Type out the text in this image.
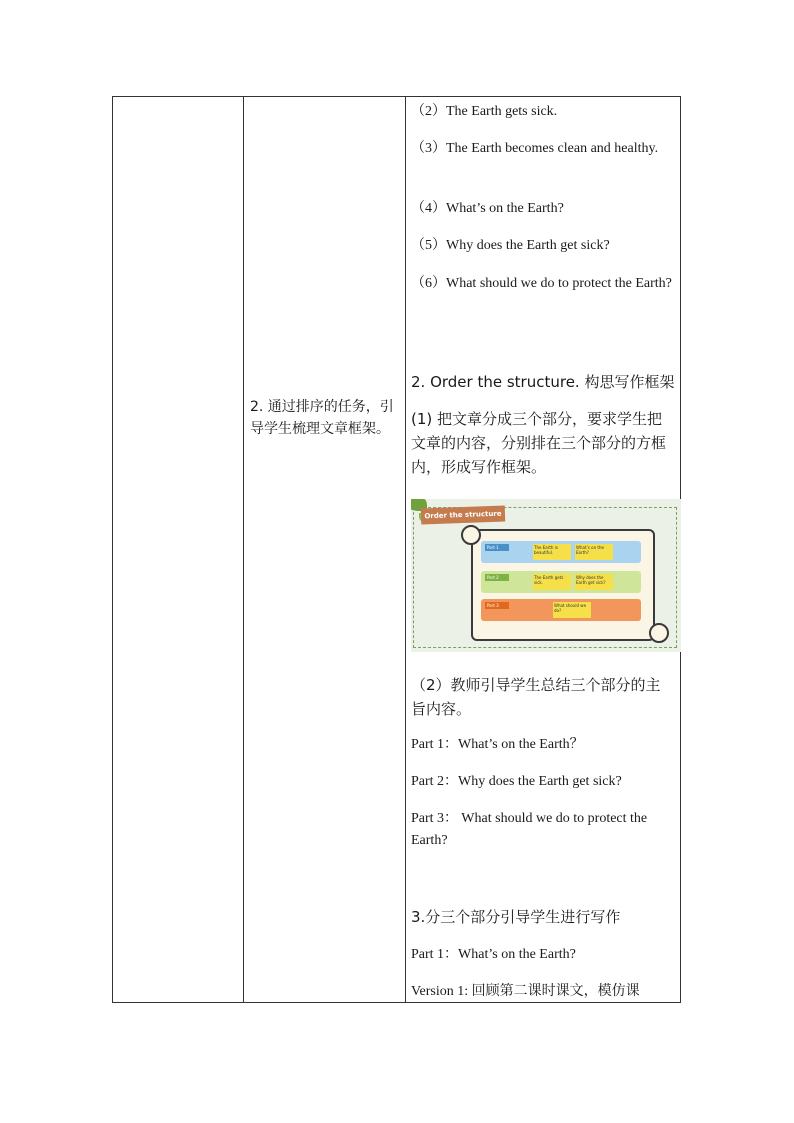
2. 通过排序的任务，引导学生梳理文章框架。
（2）The Earth gets sick.
（3）The Earth becomes clean and healthy.
（4）What’s on the Earth?
（5）Why does the Earth get sick?
（6）What should we do to protect the Earth?
2. Order the structure. 构思写作框架
(1) 把文章分成三个部分，要求学生把文章的内容，分别排在三个部分的方框内，形成写作框架。
Order the structure
Part 1	The Earth is beautiful.
What’s on the Earth?
Part 2	The Earth gets sick.
Why does the Earth get sick?
Part 3	What should we do?
（2）教师引导学生总结三个部分的主旨内容。
Part 1：What’s on the Earth？
Part 2：Why does the Earth get sick?
Part 3： What should we do to protect the Earth?
3.分三个部分引导学生进行写作
Part 1：What’s on the Earth?
Version 1: 回顾第二课时课文，模仿课
